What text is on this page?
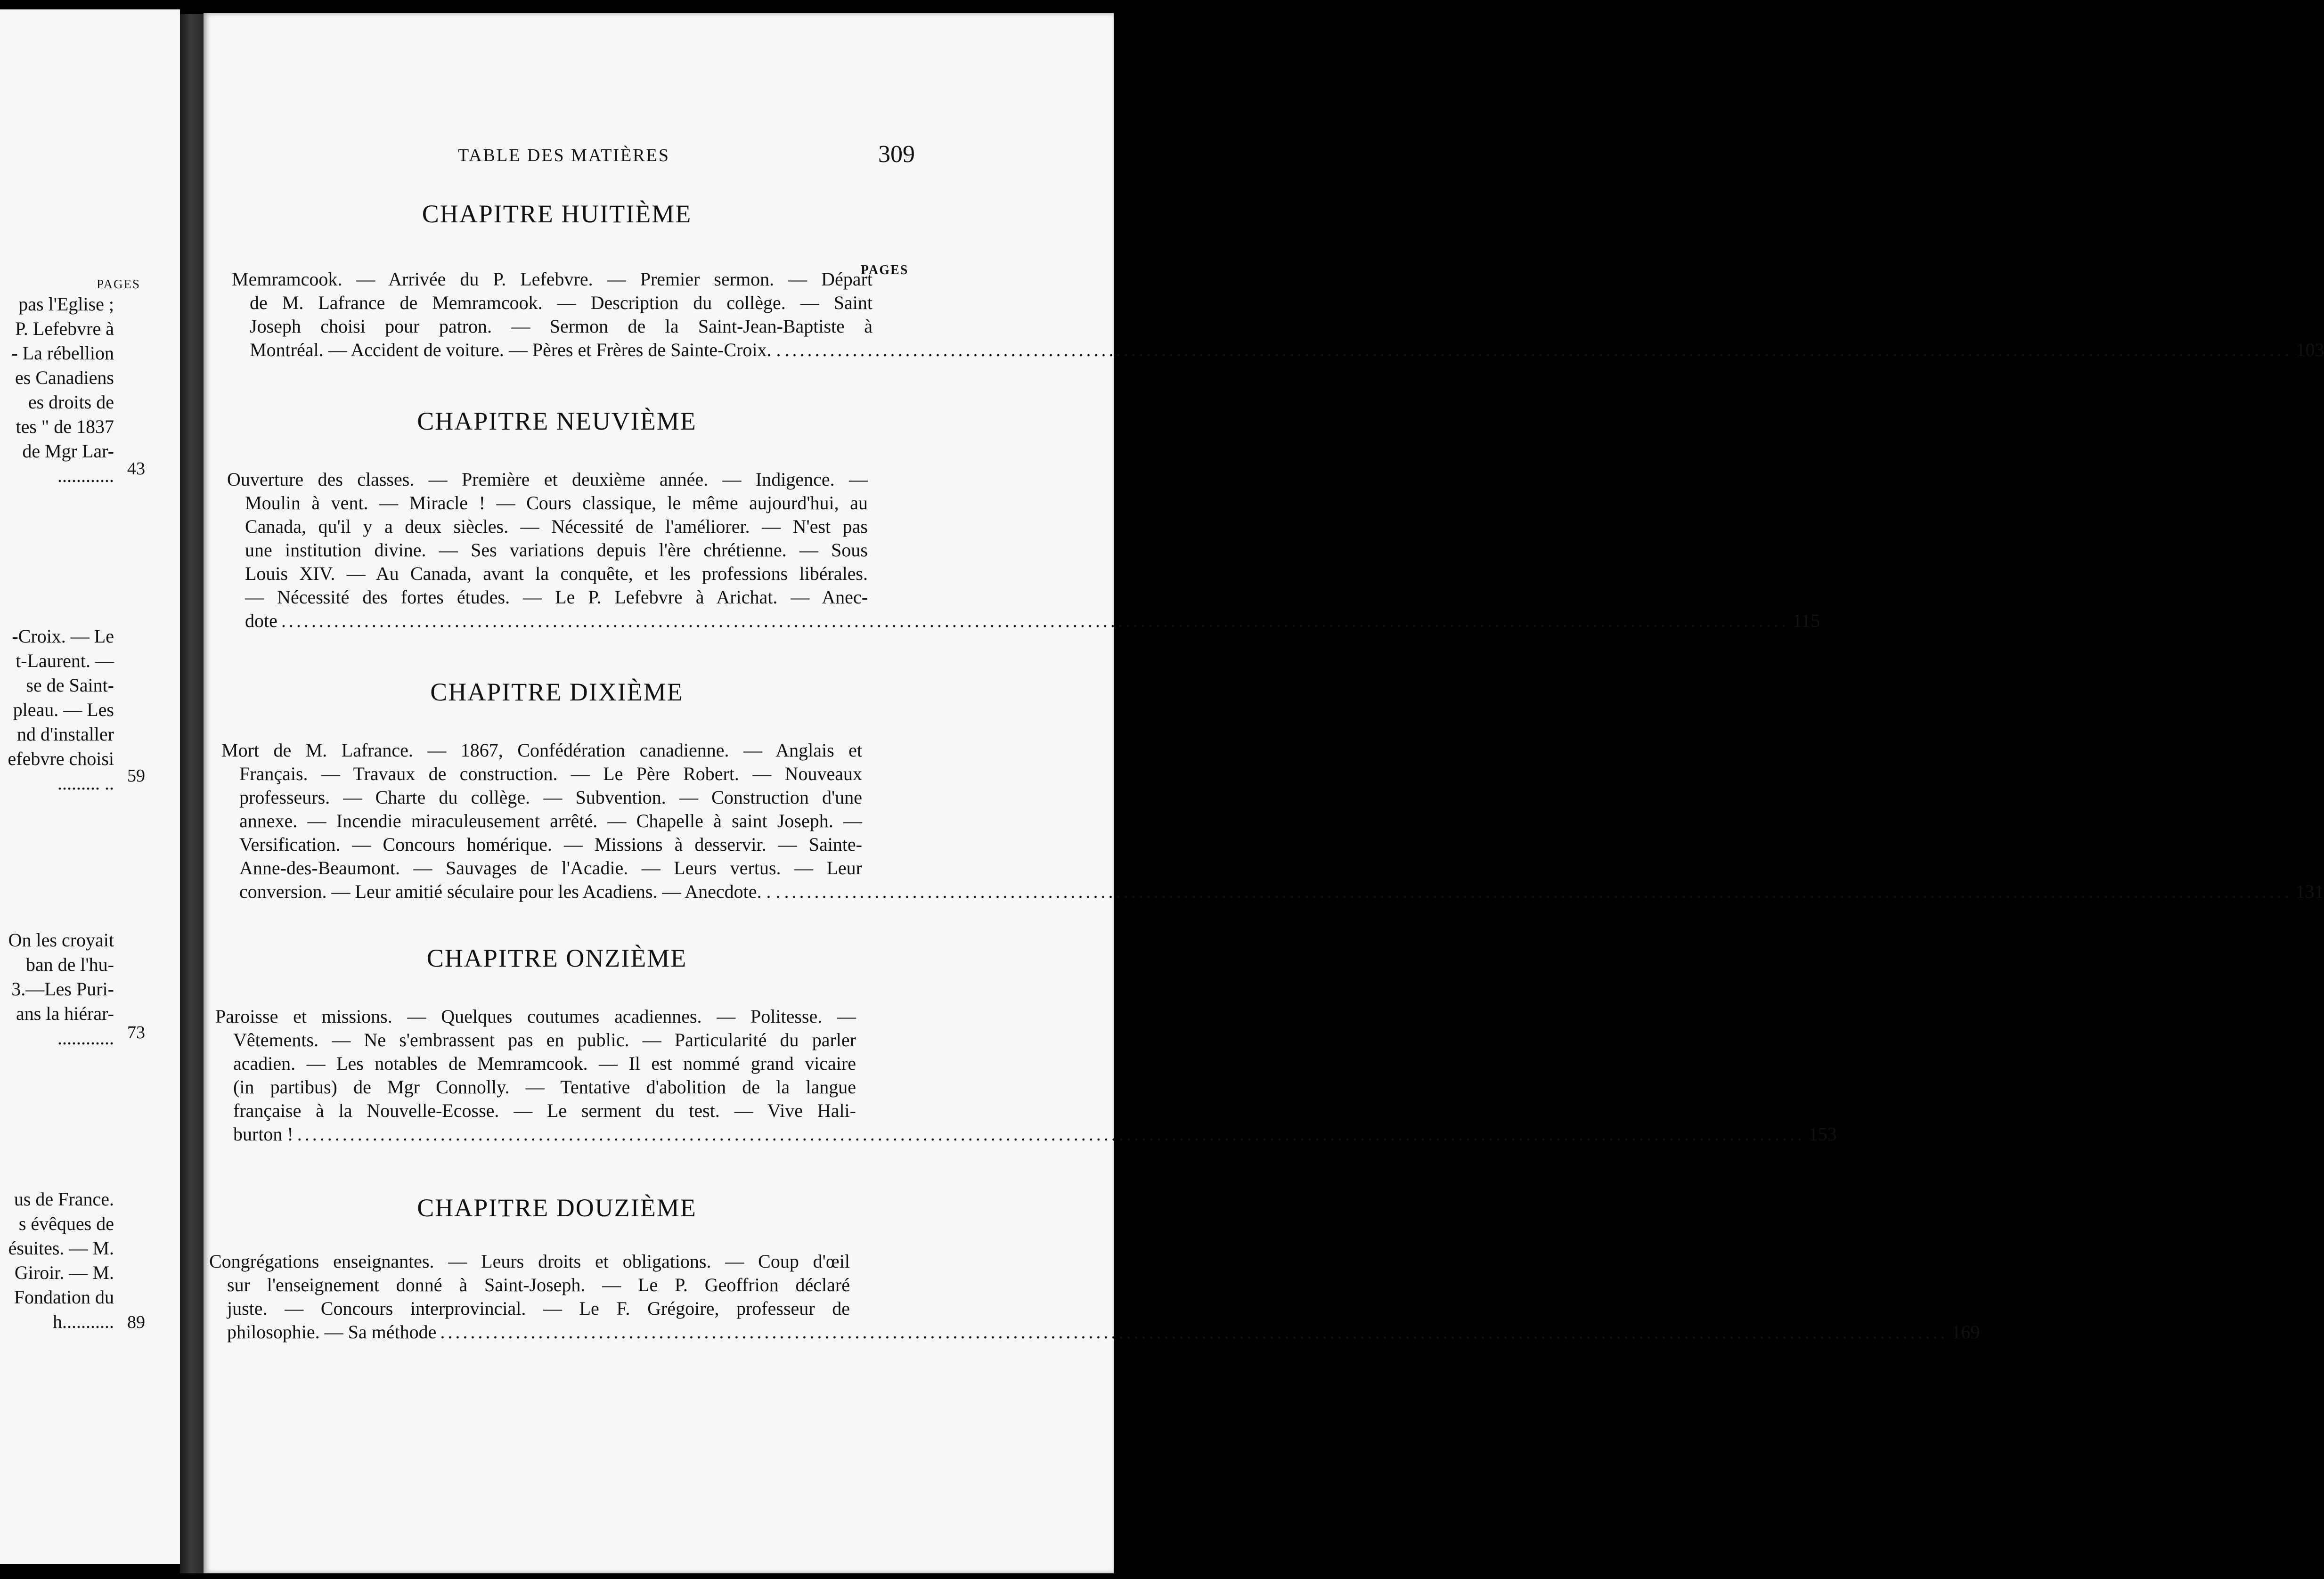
PAGES
pas l'Eglise ;
P. Lefebvre à
- La rébellion
es Canadiens
es droits de
tes " de 1837
de Mgr Lar-
............ 43
-Croix. — Le
t-Laurent. —
se de Saint-
pleau. — Les
nd d'installer
efebvre choisi
......... .. 59
On les croyait
ban de l'hu-
3.—Les Puri-
ans la hiérar-
............ 73
us de France.
s évêques de
ésuites. — M.
Giroir. — M.
Fondation du
h........... 89
TABLE DES MATIÈRES	309
PAGES
CHAPITRE HUITIÈME
Memramcook. — Arrivée du P. Lefebvre. — Premier sermon. — Départ
de M. Lafrance de Memramcook. — Description du collège. — Saint
Joseph choisi pour patron. — Sermon de la Saint-Jean-Baptiste à
Montréal. — Accident de voiture. — Pères et Frères de Sainte-Croix. . ........................................................................................................................................................................................................ 103
CHAPITRE NEUVIÈME
Ouverture des classes. — Première et deuxième année. — Indigence. —
Moulin à vent. — Miracle ! — Cours classique, le même aujourd'hui, au
Canada, qu'il y a deux siècles. — Nécessité de l'améliorer. — N'est pas
une institution divine. — Ses variations depuis l'ère chrétienne. — Sous
Louis XIV. — Au Canada, avant la conquête, et les professions libérales.
— Nécessité des fortes études. — Le P. Lefebvre à Arichat. — Anec-
dote ........................................................................................................................................................................................................ 115
CHAPITRE DIXIÈME
Mort de M. Lafrance. — 1867, Confédération canadienne. — Anglais et
Français. — Travaux de construction. — Le Père Robert. — Nouveaux
professeurs. — Charte du collège. — Subvention. — Construction d'une
annexe. — Incendie miraculeusement arrêté. — Chapelle à saint Joseph. —
Versification. — Concours homérique. — Missions à desservir. — Sainte-
Anne-des-Beaumont. — Sauvages de l'Acadie. — Leurs vertus. — Leur
conversion. — Leur amitié séculaire pour les Acadiens. — Anecdote. . . ........................................................................................................................................................................................................ 131
CHAPITRE ONZIÈME
Paroisse et missions. — Quelques coutumes acadiennes. — Politesse. —
Vêtements. — Ne s'embrassent pas en public. — Particularité du parler
acadien. — Les notables de Memramcook. — Il est nommé grand vicaire
(in partibus) de Mgr Connolly. — Tentative d'abolition de la langue
française à la Nouvelle-Ecosse. — Le serment du test. — Vive Hali-
burton ! ........................................................................................................................................................................................................ 153
CHAPITRE DOUZIÈME
Congrégations enseignantes. — Leurs droits et obligations. — Coup d'œil
sur l'enseignement donné à Saint-Joseph. — Le P. Geoffrion déclaré
juste. — Concours interprovincial. — Le F. Grégoire, professeur de
philosophie. — Sa méthode ........................................................................................................................................................................................................ 169
